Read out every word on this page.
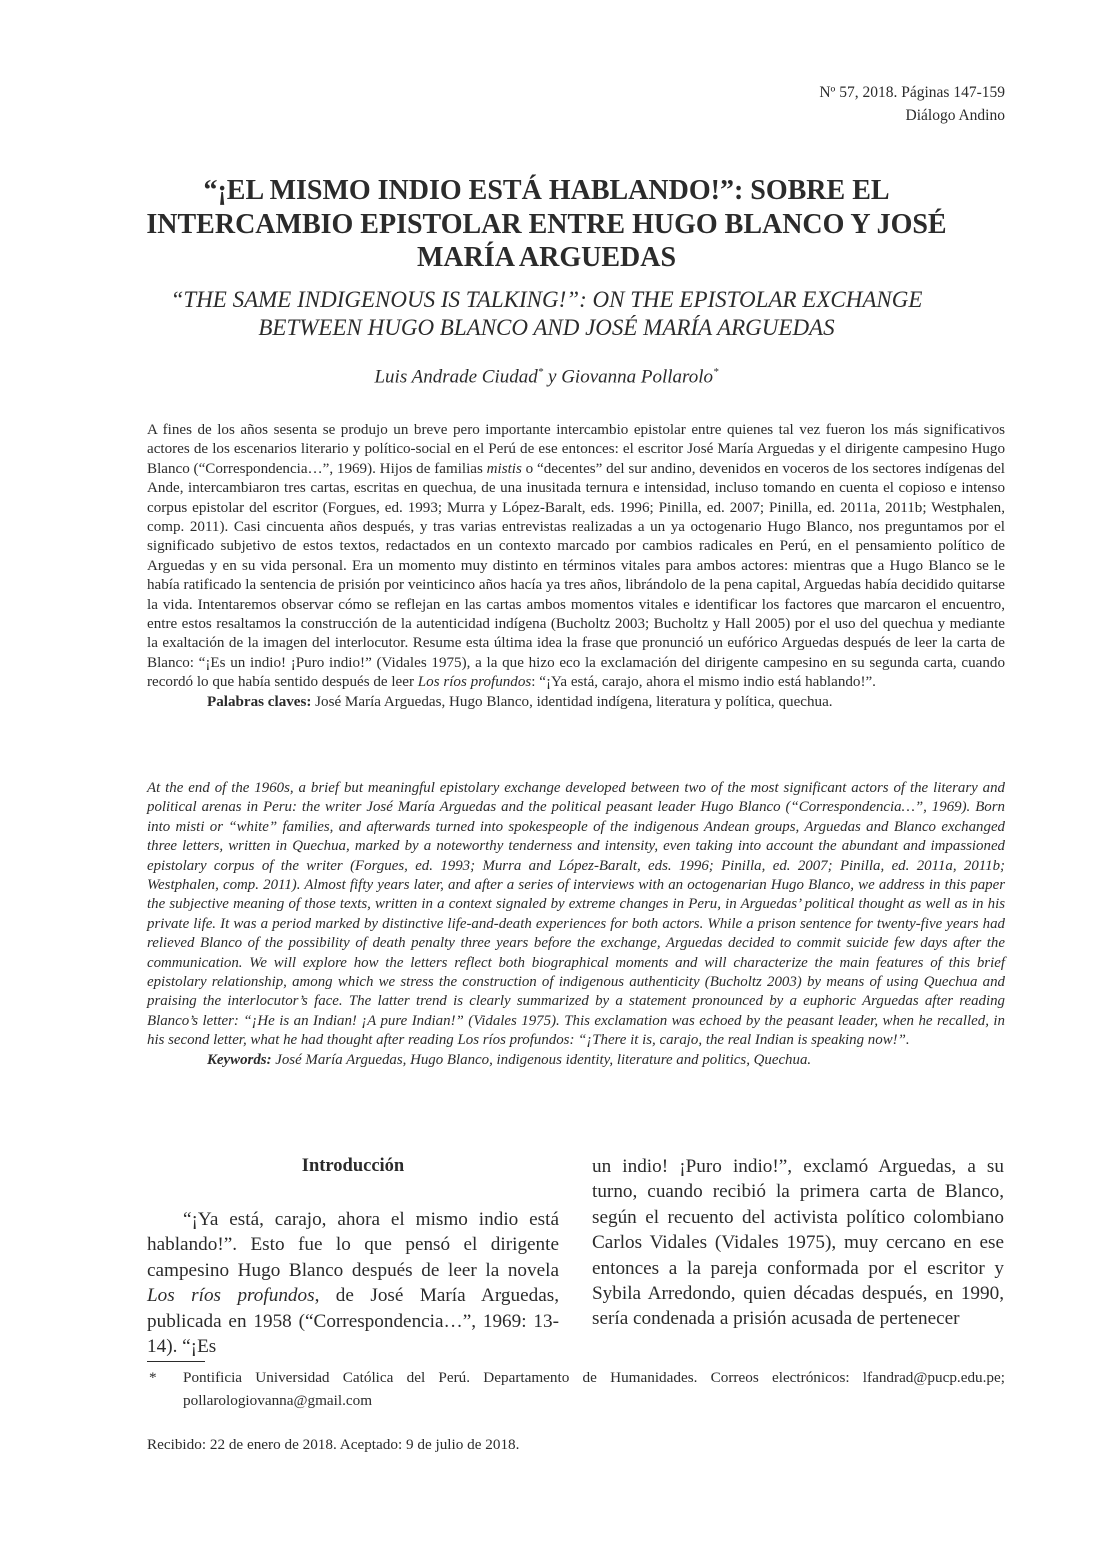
Nº 57, 2018. Páginas 147-159
Diálogo Andino
“¡EL MISMO INDIO ESTÁ HABLANDO!”: SOBRE EL INTERCAMBIO EPISTOLAR ENTRE HUGO BLANCO Y JOSÉ MARÍA ARGUEDAS
“THE SAME INDIGENOUS IS TALKING!”: ON THE EPISTOLAR EXCHANGE BETWEEN HUGO BLANCO AND JOSÉ MARÍA ARGUEDAS
Luis Andrade Ciudad* y Giovanna Pollarolo*
A fines de los años sesenta se produjo un breve pero importante intercambio epistolar entre quienes tal vez fueron los más significativos actores de los escenarios literario y político-social en el Perú de ese entonces: el escritor José María Arguedas y el dirigente campesino Hugo Blanco (“Correspondencia…”, 1969). Hijos de familias mistis o “decentes” del sur andino, devenidos en voceros de los sectores indígenas del Ande, intercambiaron tres cartas, escritas en quechua, de una inusitada ternura e intensidad, incluso tomando en cuenta el copioso e intenso corpus epistolar del escritor (Forgues, ed. 1993; Murra y López-Baralt, eds. 1996; Pinilla, ed. 2007; Pinilla, ed. 2011a, 2011b; Westphalen, comp. 2011). Casi cincuenta años después, y tras varias entrevistas realizadas a un ya octogenario Hugo Blanco, nos preguntamos por el significado subjetivo de estos textos, redactados en un contexto marcado por cambios radicales en Perú, en el pensamiento político de Arguedas y en su vida personal. Era un momento muy distinto en términos vitales para ambos actores: mientras que a Hugo Blanco se le había ratificado la sentencia de prisión por veinticinco años hacía ya tres años, librándolo de la pena capital, Arguedas había decidido quitarse la vida. Intentaremos observar cómo se reflejan en las cartas ambos momentos vitales e identificar los factores que marcaron el encuentro, entre estos resaltamos la construcción de la autenticidad indígena (Bucholtz 2003; Bucholtz y Hall 2005) por el uso del quechua y mediante la exaltación de la imagen del interlocutor. Resume esta última idea la frase que pronunció un eufórico Arguedas después de leer la carta de Blanco: “¡Es un indio! ¡Puro indio!” (Vidales 1975), a la que hizo eco la exclamación del dirigente campesino en su segunda carta, cuando recordó lo que había sentido después de leer Los ríos profundos: “¡Ya está, carajo, ahora el mismo indio está hablando!”.
Palabras claves: José María Arguedas, Hugo Blanco, identidad indígena, literatura y política, quechua.
At the end of the 1960s, a brief but meaningful epistolary exchange developed between two of the most significant actors of the literary and political arenas in Peru: the writer José María Arguedas and the political peasant leader Hugo Blanco (“Correspondencia…”, 1969). Born into misti or “white” families, and afterwards turned into spokespeople of the indigenous Andean groups, Arguedas and Blanco exchanged three letters, written in Quechua, marked by a noteworthy tenderness and intensity, even taking into account the abundant and impassioned epistolary corpus of the writer (Forgues, ed. 1993; Murra and López-Baralt, eds. 1996; Pinilla, ed. 2007; Pinilla, ed. 2011a, 2011b; Westphalen, comp. 2011). Almost fifty years later, and after a series of interviews with an octogenarian Hugo Blanco, we address in this paper the subjective meaning of those texts, written in a context signaled by extreme changes in Peru, in Arguedas’ political thought as well as in his private life. It was a period marked by distinctive life-and-death experiences for both actors. While a prison sentence for twenty-five years had relieved Blanco of the possibility of death penalty three years before the exchange, Arguedas decided to commit suicide few days after the communication. We will explore how the letters reflect both biographical moments and will characterize the main features of this brief epistolary relationship, among which we stress the construction of indigenous authenticity (Bucholtz 2003) by means of using Quechua and praising the interlocutor’s face. The latter trend is clearly summarized by a statement pronounced by a euphoric Arguedas after reading Blanco’s letter: “¡He is an Indian! ¡A pure Indian!” (Vidales 1975). This exclamation was echoed by the peasant leader, when he recalled, in his second letter, what he had thought after reading Los ríos profundos: “¡There it is, carajo, the real Indian is speaking now!”.
Keywords: José María Arguedas, Hugo Blanco, indigenous identity, literature and politics, Quechua.
Introducción

“¡Ya está, carajo, ahora el mismo indio está hablando!”. Esto fue lo que pensó el dirigente campesino Hugo Blanco después de leer la novela Los ríos profundos, de José María Arguedas, publicada en 1958 (“Correspondencia…”, 1969: 13-14). “¡Es

un indio! ¡Puro indio!”, exclamó Arguedas, a su turno, cuando recibió la primera carta de Blanco, según el recuento del activista político colombiano Carlos Vidales (Vidales 1975), muy cercano en ese entonces a la pareja conformada por el escritor y Sybila Arredondo, quien décadas después, en 1990, sería condenada a prisión acusada de pertenecer

* Pontificia Universidad Católica del Perú. Departamento de Humanidades. Correos electrónicos: lfandrad@pucp.edu.pe; pollarologiovanna@gmail.com
Recibido: 22 de enero de 2018. Aceptado: 9 de julio de 2018.
